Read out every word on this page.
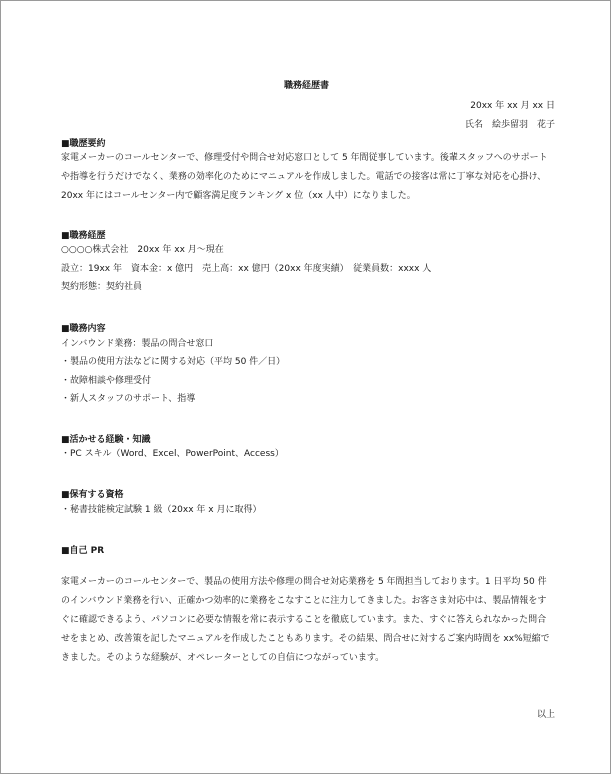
職務経歴書
20xx 年 xx 月 xx 日
氏名　絵歩留羽　花子
■職歴要約
家電メーカーのコールセンターで、修理受付や問合せ対応窓口として 5 年間従事しています。後輩スタッフへのサポート
や指導を行うだけでなく、業務の効率化のためにマニュアルを作成しました。電話での接客は常に丁寧な対応を心掛け、
20xx 年にはコールセンター内で顧客満足度ランキング x 位（xx 人中）になりました。
■職務経歴
○○○○株式会社　20xx 年 xx 月～現在
設立：19xx 年　資本金：x 億円　売上高：xx 億円（20xx 年度実績）　従業員数：xxxx 人
契約形態：契約社員
■職務内容
インバウンド業務：製品の問合せ窓口
・製品の使用方法などに関する対応（平均 50 件／日）
・故障相談や修理受付
・新人スタッフのサポート、指導
■活かせる経験・知識
・PC スキル（Word、Excel、PowerPoint、Access）
■保有する資格
・秘書技能検定試験 1 級（20xx 年 x 月に取得）
■自己 PR
家電メーカーのコールセンターで、製品の使用方法や修理の問合せ対応業務を 5 年間担当しております。1 日平均 50 件
のインバウンド業務を行い、正確かつ効率的に業務をこなすことに注力してきました。お客さま対応中は、製品情報をす
ぐに確認できるよう、パソコンに必要な情報を常に表示することを徹底しています。また、すぐに答えられなかった問合
せをまとめ、改善策を記したマニュアルを作成したこともあります。その結果、問合せに対するご案内時間を xx%短縮で
きました。そのような経験が、オペレーターとしての自信につながっています。
以上
